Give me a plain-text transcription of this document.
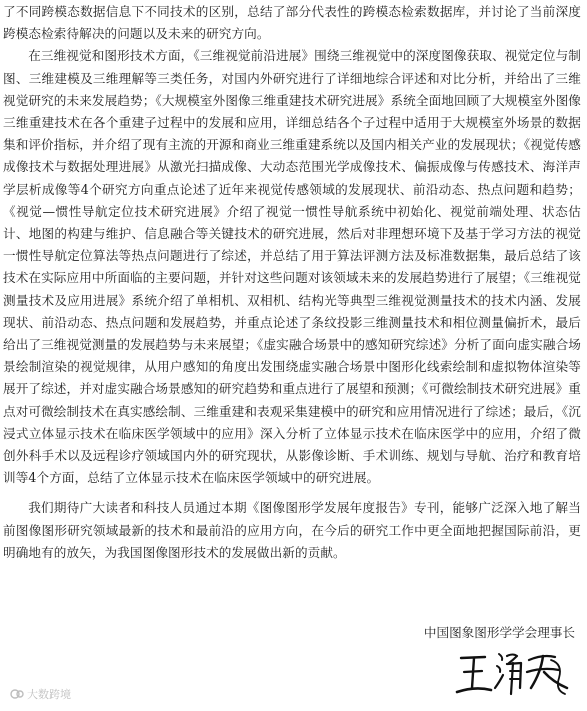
了不同跨模态数据信息下不同技术的区别，总结了部分代表性的跨模态检索数据库，并讨论了当前深度跨模态检索待解决的问题以及未来的研究方向。

在三维视觉和图形技术方面，《三维视觉前沿进展》围绕三维视觉中的深度图像获取、视觉定位与制图、三维建模及三维理解等三类任务，对国内外研究进行了详细地综合评述和对比分析，并给出了三维视觉研究的未来发展趋势；《大规模室外图像三维重建技术研究进展》系统全面地回顾了大规模室外图像三维重建技术在各个重建子过程中的发展和应用，详细总结各个子过程中适用于大规模室外场景的数据集和评价指标，并介绍了现有主流的开源和商业三维重建系统以及国内相关产业的发展现状；《视觉传感成像技术与数据处理进展》从激光扫描成像、大动态范围光学成像技术、偏振成像与传感技术、海洋声学层析成像等4个研究方向重点论述了近年来视觉传感领域的发展现状、前沿动态、热点问题和趋势；《视觉—惯性导航定位技术研究进展》介绍了视觉一惯性导航系统中初始化、视觉前端处理、状态估计、地图的构建与维护、信息融合等关键技术的研究进展，然后对非理想环境下及基于学习方法的视觉一惯性导航定位算法等热点问题进行了综述，并总结了用于算法评测方法及标准数据集，最后总结了该技术在实际应用中所面临的主要问题，并针对这些问题对该领域未来的发展趋势进行了展望；《三维视觉测量技术及应用进展》系统介绍了单相机、双相机、结构光等典型三维视觉测量技术的技术内涵、发展现状、前沿动态、热点问题和发展趋势，并重点论述了条纹投影三维测量技术和相位测量偏折术，最后给出了三维视觉测量的发展趋势与未来展望；《虚实融合场景中的感知研究综述》分析了面向虚实融合场景绘制渲染的视觉规律，从用户感知的角度出发围绕虚实融合场景中图形化线索绘制和虚拟物体渲染等展开了综述，并对虚实融合场景感知的研究趋势和重点进行了展望和预测；《可微绘制技术研究进展》重点对可微绘制技术在真实感绘制、三维重建和表观采集建模中的研究和应用情况进行了综述；最后，《沉浸式立体显示技术在临床医学领域中的应用》深入分析了立体显示技术在临床医学中的应用，介绍了微创外科手术以及远程诊疗领域国内外的研究现状，从影像诊断、手术训练、规划与导航、治疗和教育培训等4个方面，总结了立体显示技术在临床医学领域中的研究进展。

我们期待广大读者和科技人员通过本期《图像图形学发展年度报告》专刊，能够广泛深入地了解当前图像图形研究领域最新的技术和最前沿的应用方向，在今后的研究工作中更全面地把握国际前沿，更明确地有的放矢，为我国图像图形技术的发展做出新的贡献。

中国图象图形学学会理事长
大数跨境
